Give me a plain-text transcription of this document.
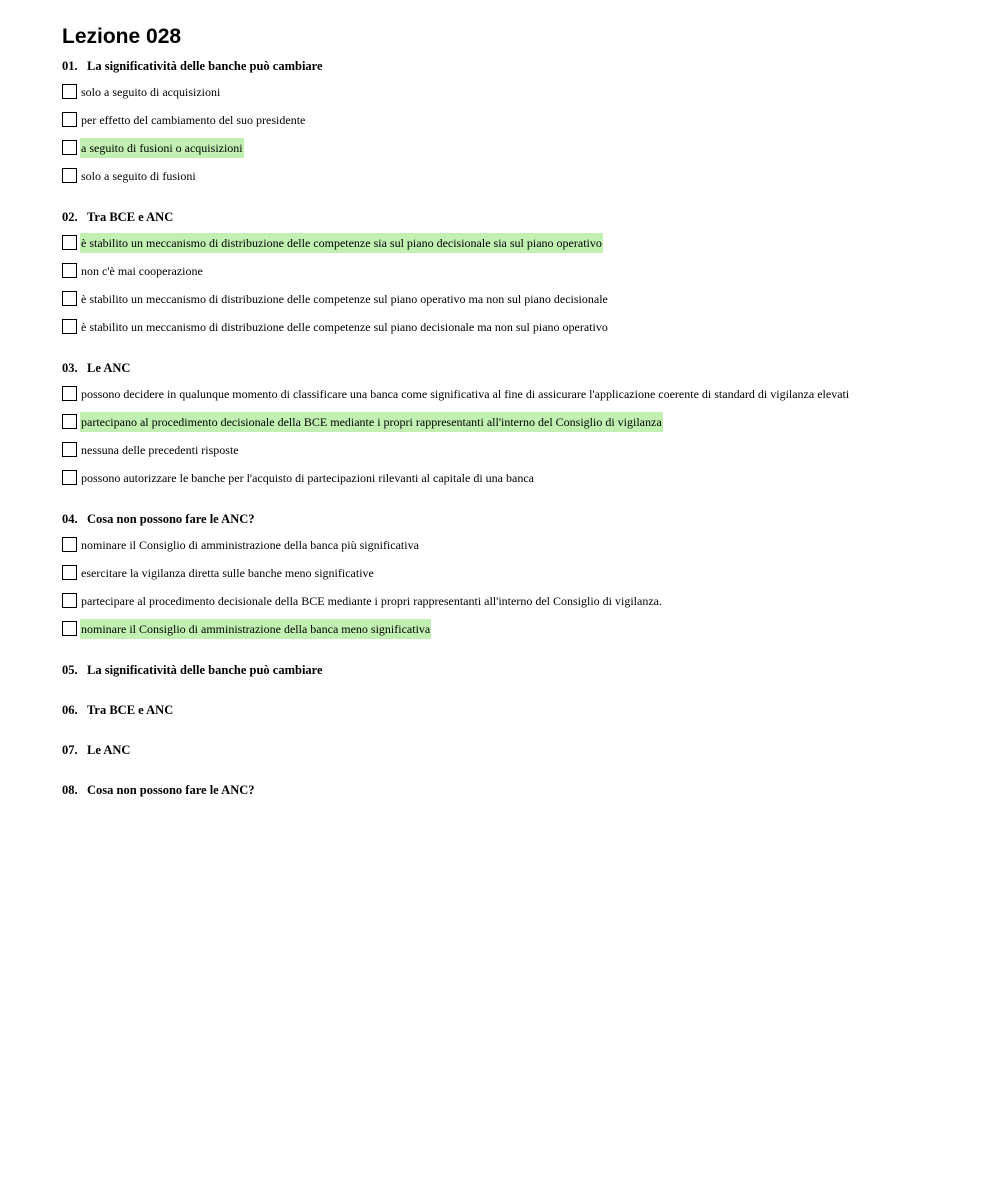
Lezione 028
01. La significatività delle banche può cambiare
solo a seguito di acquisizioni
per effetto del cambiamento del suo presidente
a seguito di fusioni o acquisizioni
solo a seguito di fusioni
02. Tra BCE e ANC
è stabilito un meccanismo di distribuzione delle competenze sia sul piano decisionale sia sul piano operativo
non c'è mai cooperazione
è stabilito un meccanismo di distribuzione delle competenze sul piano operativo ma non sul piano decisionale
è stabilito un meccanismo di distribuzione delle competenze sul piano decisionale ma non sul piano operativo
03. Le ANC
possono decidere in qualunque momento di classificare una banca come significativa al fine di assicurare l'applicazione coerente di standard di vigilanza elevati
partecipano al procedimento decisionale della BCE mediante i propri rappresentanti all'interno del Consiglio di vigilanza
nessuna delle precedenti risposte
possono autorizzare le banche per l'acquisto di partecipazioni rilevanti al capitale di una banca
04. Cosa non possono fare le ANC?
nominare il Consiglio di amministrazione della banca più significativa
esercitare la vigilanza diretta sulle banche meno significative
partecipare al procedimento decisionale della BCE mediante i propri rappresentanti all'interno del Consiglio di vigilanza.
nominare il Consiglio di amministrazione della banca meno significativa
05. La significatività delle banche può cambiare
06. Tra BCE e ANC
07. Le ANC
08. Cosa non possono fare le ANC?
